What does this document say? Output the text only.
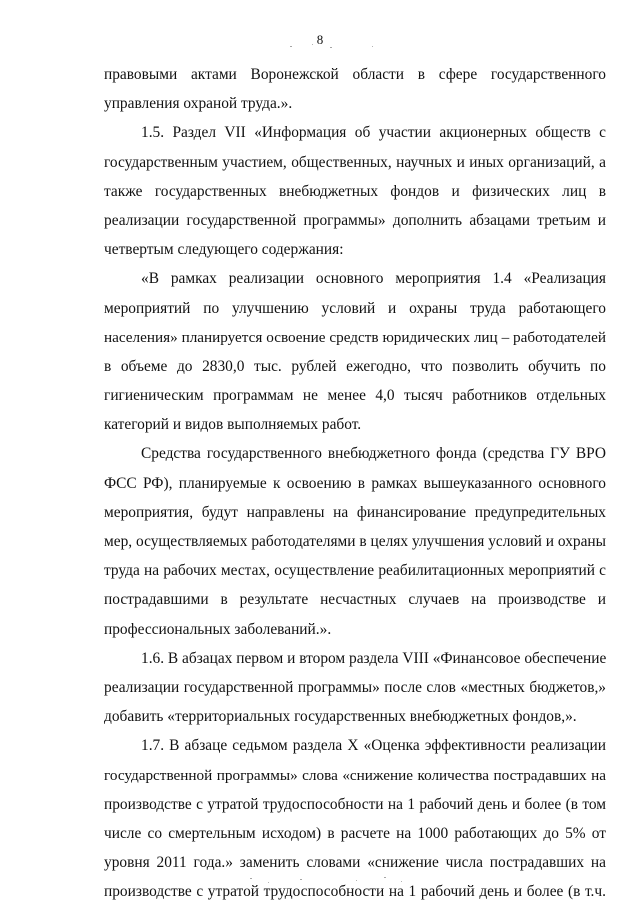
8
правовыми актами Воронежской области в сфере государственного
управления охраной труда.».
1.5. Раздел VII «Информация об участии акционерных обществ с
государственным участием, общественных, научных и иных организаций, а
также государственных внебюджетных фондов и физических лиц в
реализации государственной программы» дополнить абзацами третьим и
четвертым следующего содержания:
«В рамках реализации основного мероприятия 1.4 «Реализация
мероприятий по улучшению условий и охраны труда работающего
населения» планируется освоение средств юридических лиц – работодателей
в объеме до 2830,0 тыс. рублей ежегодно, что позволить обучить по
гигиеническим программам не менее 4,0 тысяч работников отдельных
категорий и видов выполняемых работ.
Средства государственного внебюджетного фонда (средства ГУ ВРО
ФСС РФ), планируемые к освоению в рамках вышеуказанного основного
мероприятия, будут направлены на финансирование предупредительных
мер, осуществляемых работодателями в целях улучшения условий и охраны
труда на рабочих местах, осуществление реабилитационных мероприятий с
пострадавшими в результате несчастных случаев на производстве и
профессиональных заболеваний.».
1.6. В абзацах первом и втором раздела VIII «Финансовое обеспечение
реализации государственной программы» после слов «местных бюджетов,»
добавить «территориальных государственных внебюджетных фондов,».
1.7. В абзаце седьмом раздела Х «Оценка эффективности реализации
государственной программы» слова «снижение количества пострадавших на
производстве с утратой трудоспособности на 1 рабочий день и более (в том
числе со смертельным исходом) в расчете на 1000 работающих до 5% от
уровня 2011 года.» заменить словами «снижение числа пострадавших на
производстве с утратой трудоспособности на 1 рабочий день и более (в т.ч.
